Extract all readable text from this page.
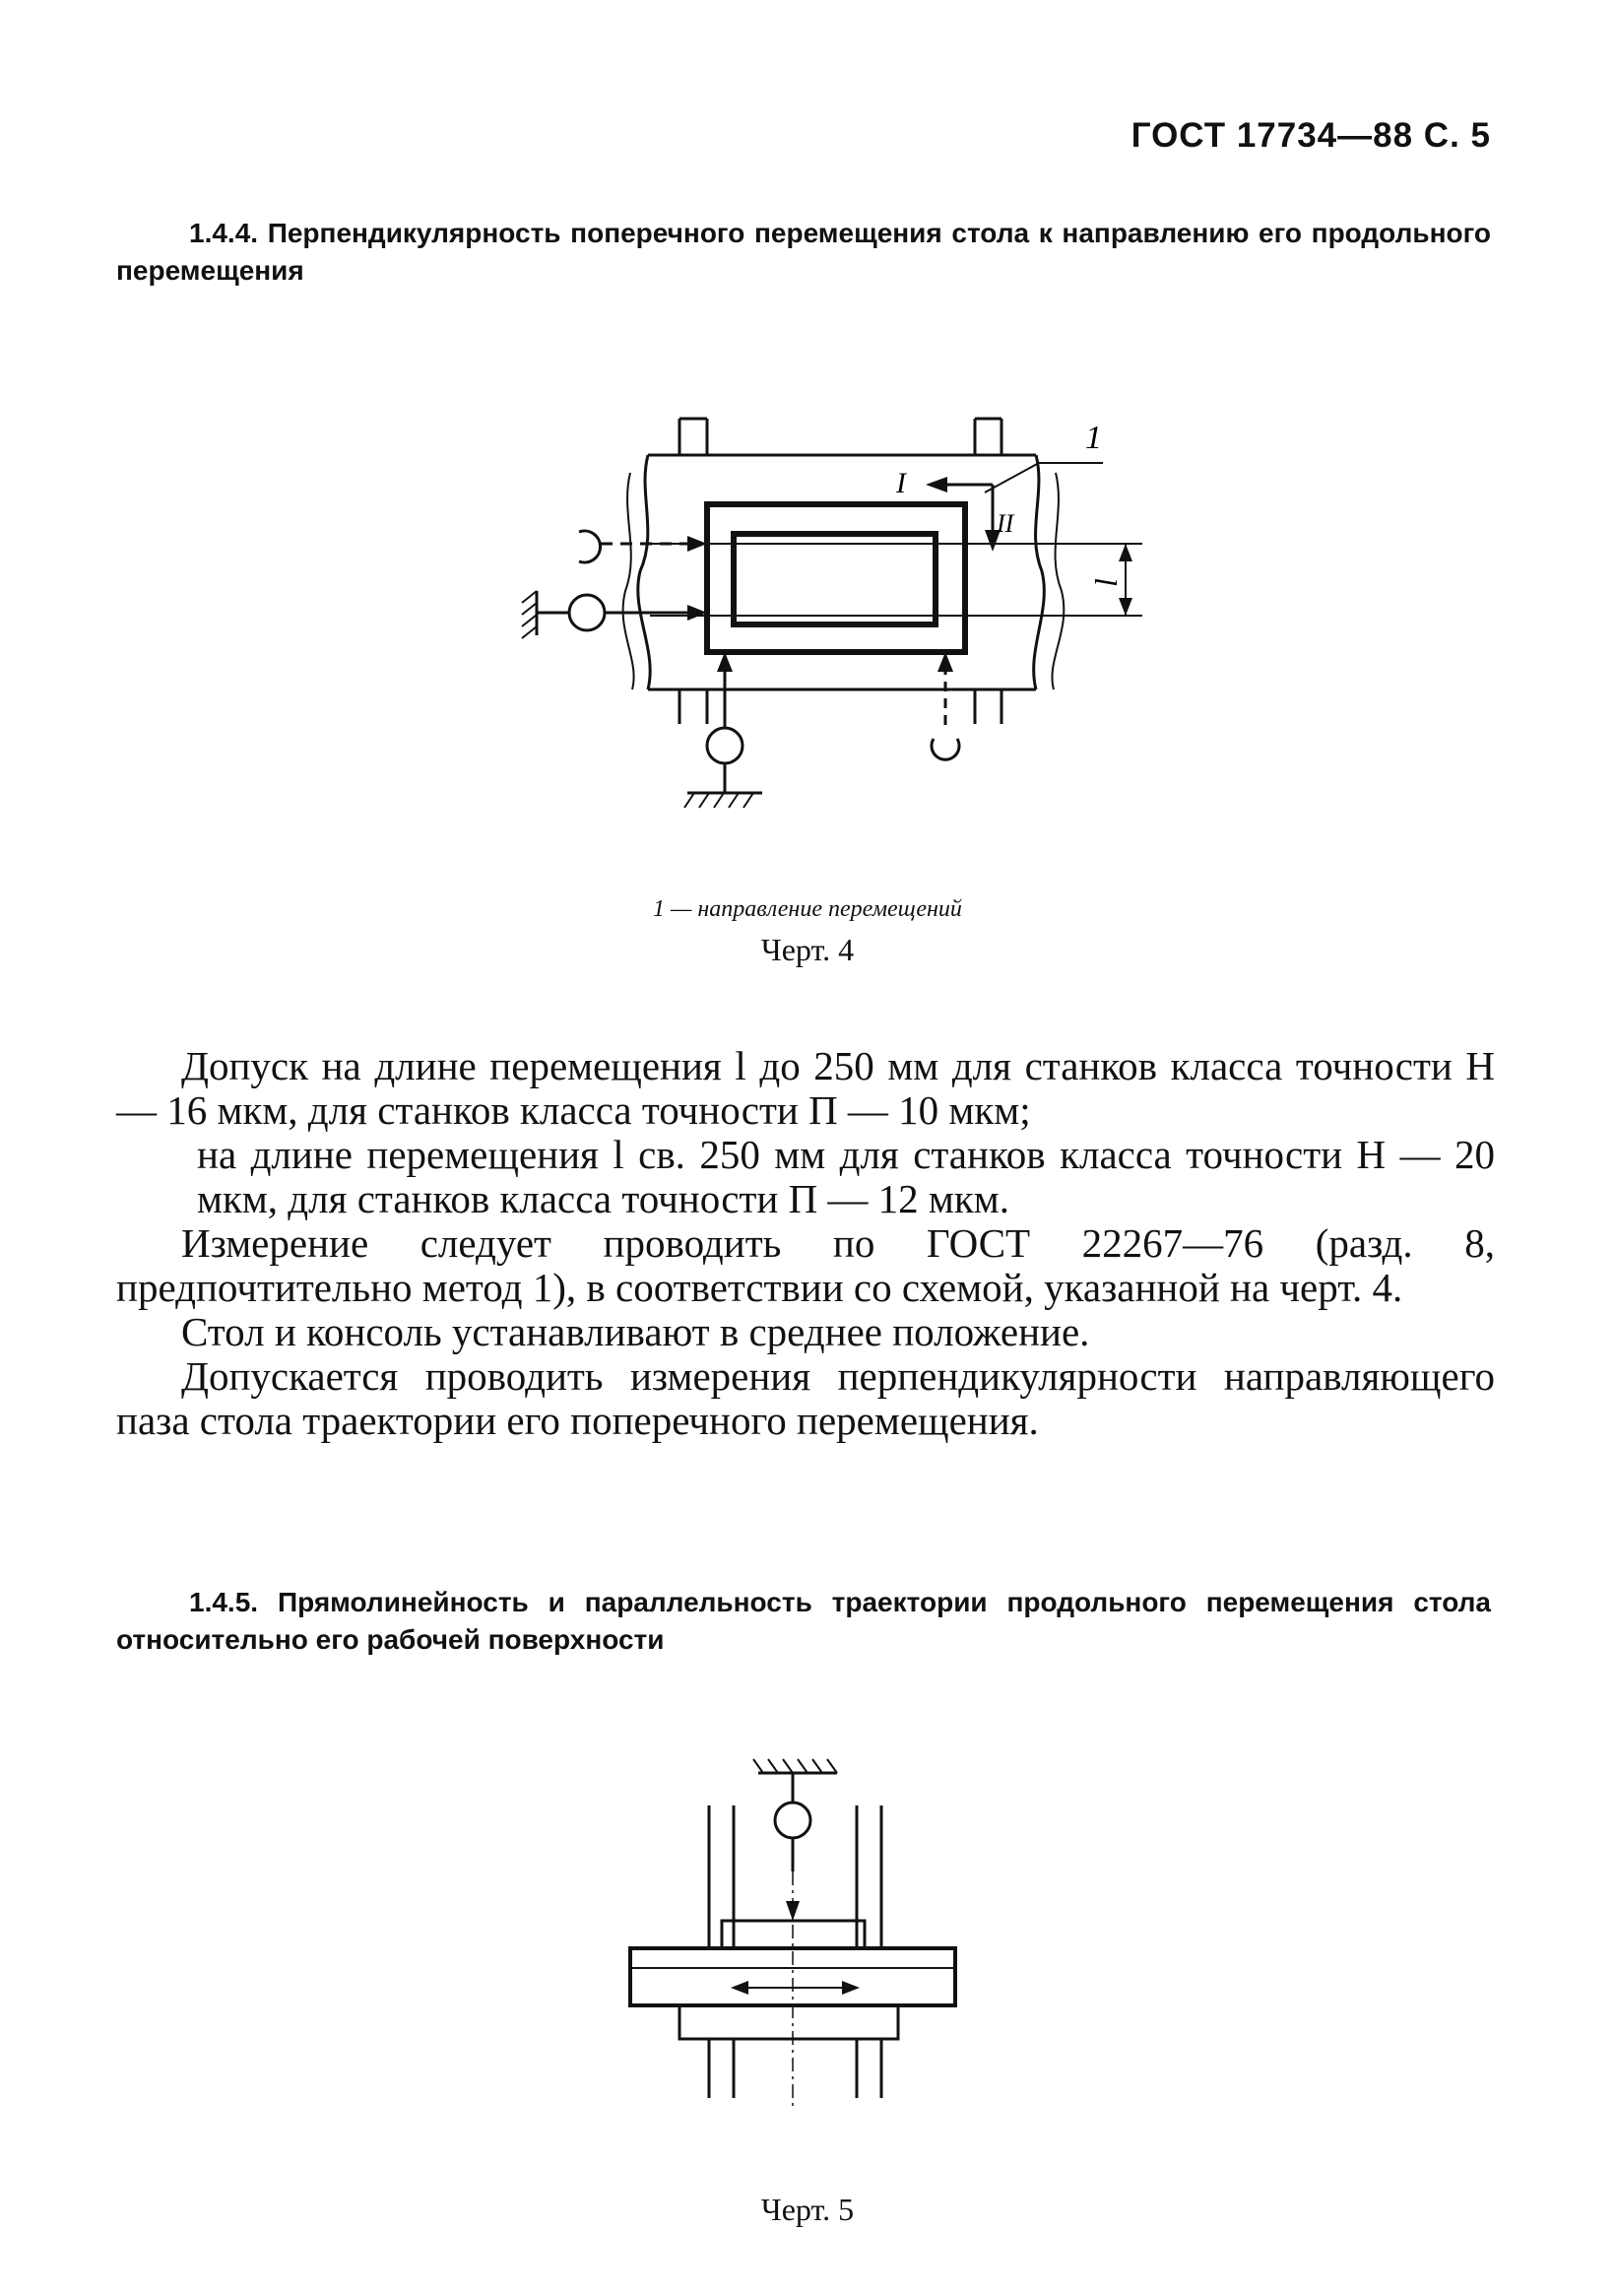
ГОСТ 17734—88 С. 5
1.4.4. Перпендикулярность поперечного перемещения стола к направлению его продольного перемещения
1
I
II
l
1 — направление перемещений
Черт. 4

Допуск на длине перемещения l до 250 мм для станков класса точности Н — 16 мкм, для станков класса точности П — 10 мкм;

на длине перемещения l св. 250 мм для станков класса точности Н — 20 мкм, для станков класса точности П — 12 мкм.

Измерение следует проводить по ГОСТ 22267—76 (разд. 8, предпочтительно метод 1), в соответствии со схемой, указанной на черт. 4.

Стол и консоль устанавливают в среднее положение.

Допускается проводить измерения перпендикулярности направляющего паза стола траектории его поперечного перемещения.

1.4.5. Прямолинейность и параллельность траектории продольного перемещения стола относительно его рабочей поверхности
Черт. 5
